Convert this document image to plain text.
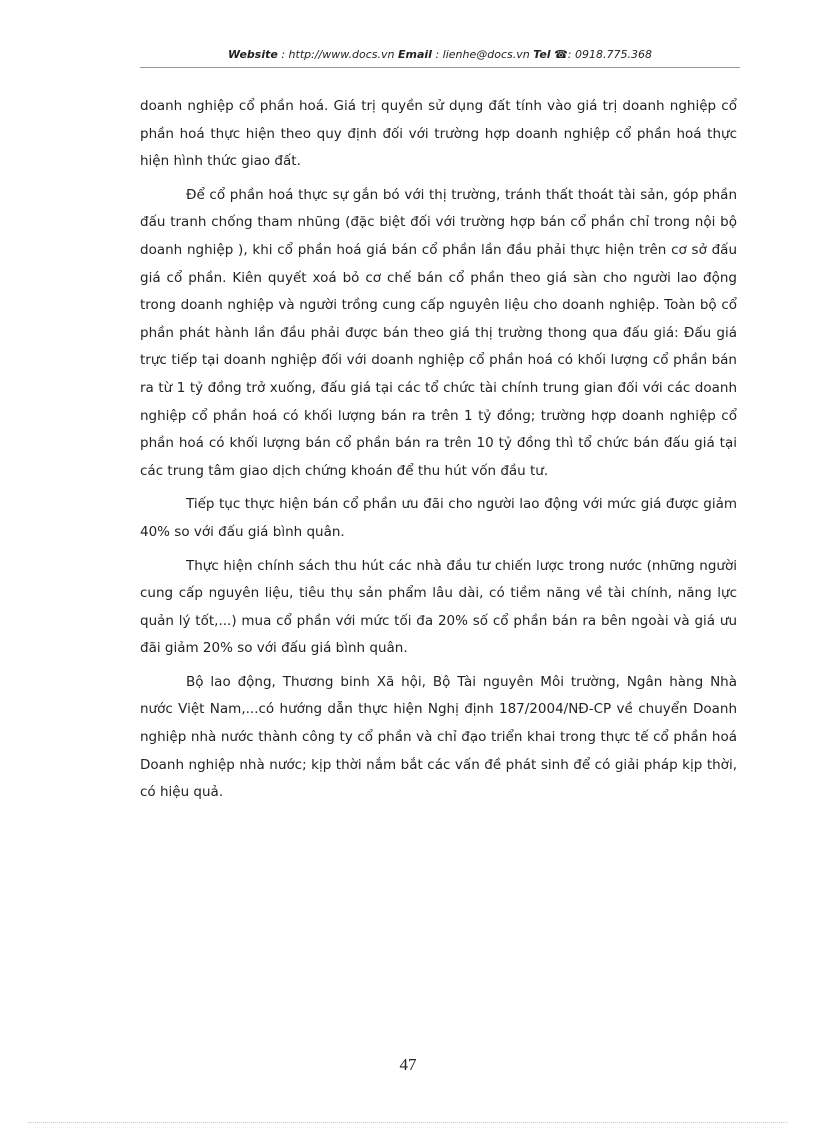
Website : http://www.docs.vn Email : lienhe@docs.vn Tel ☎: 0918.775.368

doanh nghiệp cổ phần hoá. Giá trị quyền sử dụng đất tính vào giá trị doanh nghiệp cổ phần hoá thực hiện theo quy định đối với trường hợp doanh nghiệp cổ phần hoá thực hiện hình thức giao đất.

Để cổ phần hoá thực sự gắn bó với thị trường, tránh thất thoát tài sản, góp phần đấu tranh chống tham nhũng (đặc biệt đối với trường hợp bán cổ phần chỉ trong nội bộ doanh nghiệp ), khi cổ phần hoá giá bán cổ phần lần đầu phải thực hiện trên cơ sở đấu giá cổ phần. Kiên quyết xoá bỏ cơ chế bán cổ phần theo giá sàn cho người lao động trong doanh nghiệp và người trồng cung cấp nguyên liệu cho doanh nghiệp. Toàn bộ cổ phần phát hành lần đầu phải được bán theo giá thị trường thong qua đấu giá: Đấu giá trực tiếp tại doanh nghiệp đối với doanh nghiệp cổ phần hoá có khối lượng cổ phần bán ra từ 1 tỷ đồng trở xuống, đấu giá tại các tổ chức tài chính trung gian đối với các doanh nghiệp cổ phần hoá có khối lượng bán ra trên 1 tỷ đồng; trường hợp doanh nghiệp cổ phần hoá có khối lượng bán cổ phần bán ra trên 10 tỷ đồng thì tổ chức bán đấu giá tại các trung tâm giao dịch chứng khoán để thu hút vốn đầu tư.

Tiếp tục thực hiện bán cổ phần ưu đãi cho người lao động với mức giá được giảm 40% so với đấu giá bình quân.

Thực hiện chính sách thu hút các nhà đầu tư chiến lược trong nước (những người cung cấp nguyên liệu, tiêu thụ sản phẩm lâu dài, có tiềm năng về tài chính, năng lực quản lý tốt,...) mua cổ phần với mức tối đa 20% số cổ phần bán ra bên ngoài và giá ưu đãi giảm 20% so với đấu giá bình quân.

Bộ lao động, Thương binh Xã hội, Bộ Tài nguyên Môi trường, Ngân hàng Nhà nước Việt Nam,...có hướng dẫn thực hiện Nghị định 187/2004/NĐ-CP về chuyển Doanh nghiệp nhà nước thành công ty cổ phần và chỉ đạo triển khai trong thực tế cổ phần hoá Doanh nghiệp nhà nước; kịp thời nắm bắt các vấn đề phát sinh để có giải pháp kịp thời, có hiệu quả.

47
